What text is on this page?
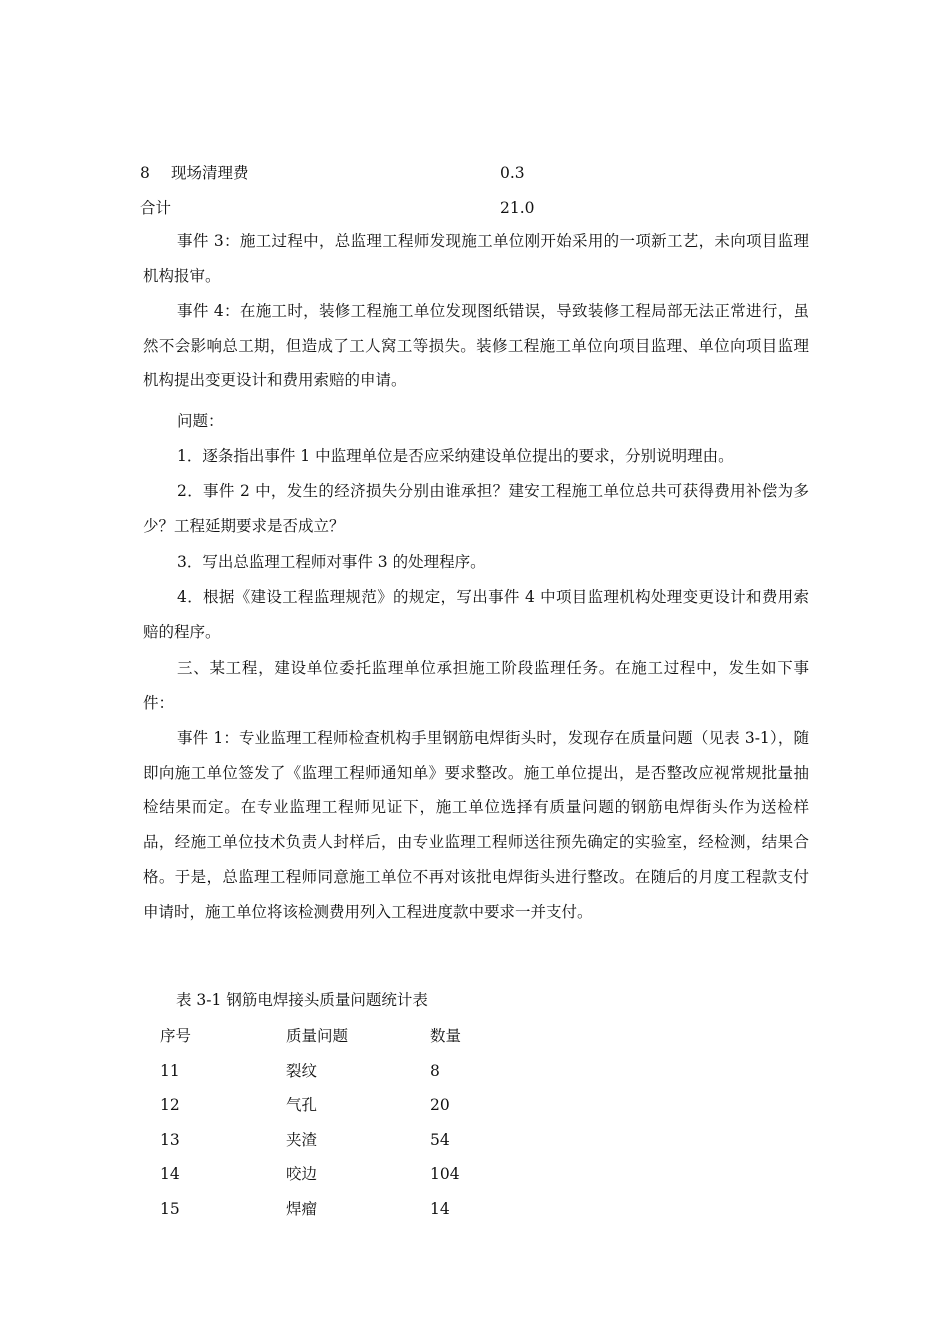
8 现场清理费	0.3
合计	21.0
事件 3：施工过程中，总监理工程师发现施工单位刚开始采用的一项新工艺，未向项目监理机构报审。
事件 4：在施工时，装修工程施工单位发现图纸错误，导致装修工程局部无法正常进行，虽然不会影响总工期，但造成了工人窝工等损失。装修工程施工单位向项目监理、单位向项目监理机构提出变更设计和费用索赔的申请。
问题：
1．逐条指出事件 1 中监理单位是否应采纳建设单位提出的要求，分别说明理由。
2．事件 2 中，发生的经济损失分别由谁承担？建安工程施工单位总共可获得费用补偿为多少？工程延期要求是否成立？
3．写出总监理工程师对事件 3 的处理程序。
4．根据《建设工程监理规范》的规定，写出事件 4 中项目监理机构处理变更设计和费用索赔的程序。
三、某工程，建设单位委托监理单位承担施工阶段监理任务。在施工过程中，发生如下事件：
事件 1：专业监理工程师检查机构手里钢筋电焊街头时，发现存在质量问题（见表 3-1），随即向施工单位签发了《监理工程师通知单》要求整改。施工单位提出，是否整改应视常规批量抽检结果而定。在专业监理工程师见证下，施工单位选择有质量问题的钢筋电焊街头作为送检样品，经施工单位技术负责人封样后，由专业监理工程师送往预先确定的实验室，经检测，结果合格。于是，总监理工程师同意施工单位不再对该批电焊街头进行整改。在随后的月度工程款支付申请时，施工单位将该检测费用列入工程进度款中要求一并支付。
表 3-1 钢筋电焊接头质量问题统计表
序号	质量问题	数量
11	裂纹	8
12	气孔	20
13	夹渣	54
14	咬边	104
15	焊瘤	14
